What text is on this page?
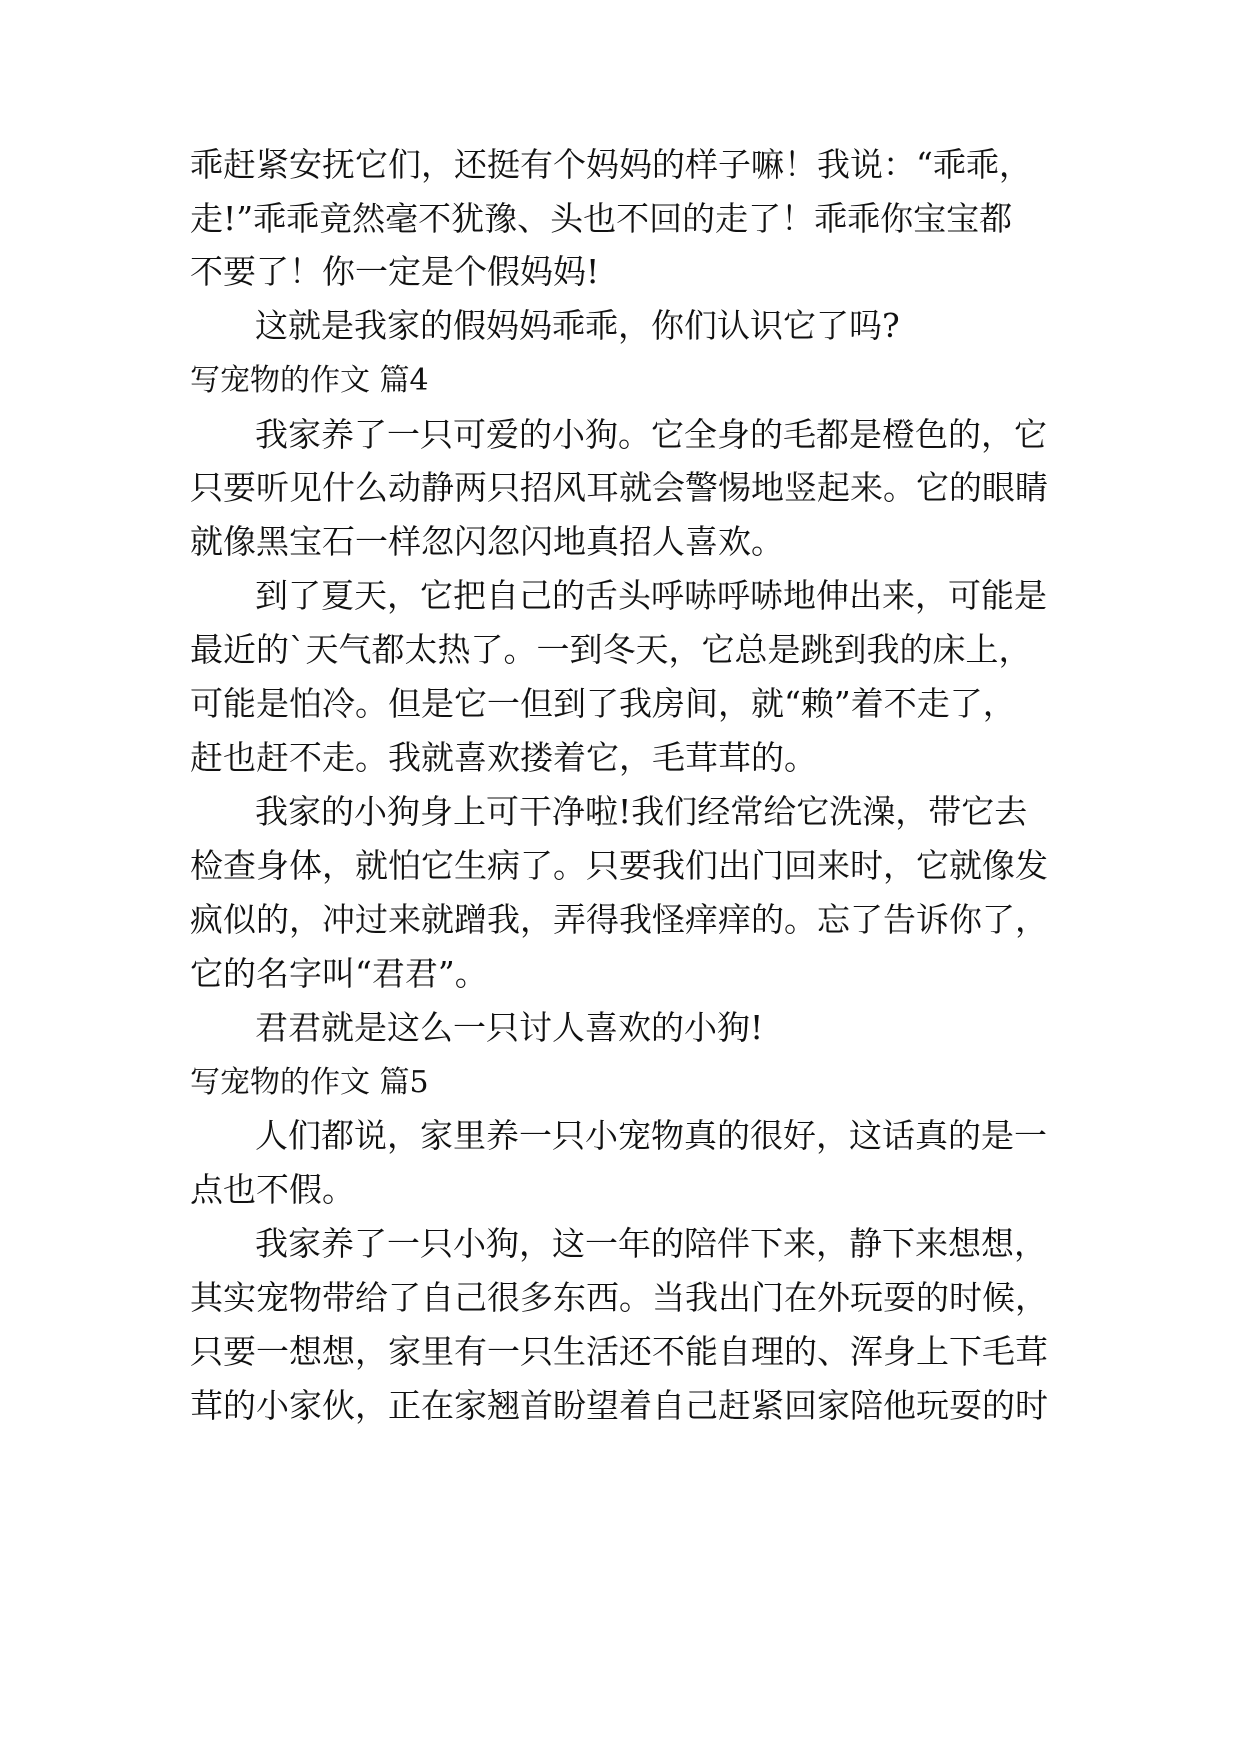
乖赶紧安抚它们，还挺有个妈妈的样子嘛！我说：“乖乖，
走!”乖乖竟然毫不犹豫、头也不回的走了！乖乖你宝宝都
不要了！你一定是个假妈妈!
这就是我家的假妈妈乖乖，你们认识它了吗?
写宠物的作文 篇4
我家养了一只可爱的小狗。它全身的毛都是橙色的，它
只要听见什么动静两只招风耳就会警惕地竖起来。它的眼睛
就像黑宝石一样忽闪忽闪地真招人喜欢。
到了夏天，它把自己的舌头呼哧呼哧地伸出来，可能是
最近的`天气都太热了。一到冬天，它总是跳到我的床上，
可能是怕冷。但是它一但到了我房间，就“赖”着不走了，
赶也赶不走。我就喜欢搂着它，毛茸茸的。
我家的小狗身上可干净啦!我们经常给它洗澡，带它去
检查身体，就怕它生病了。只要我们出门回来时，它就像发
疯似的，冲过来就蹭我，弄得我怪痒痒的。忘了告诉你了，
它的名字叫“君君”。
君君就是这么一只讨人喜欢的小狗!
写宠物的作文 篇5
人们都说，家里养一只小宠物真的很好，这话真的是一
点也不假。
我家养了一只小狗，这一年的陪伴下来，静下来想想，
其实宠物带给了自己很多东西。当我出门在外玩耍的时候，
只要一想想，家里有一只生活还不能自理的、浑身上下毛茸
茸的小家伙，正在家翘首盼望着自己赶紧回家陪他玩耍的时
